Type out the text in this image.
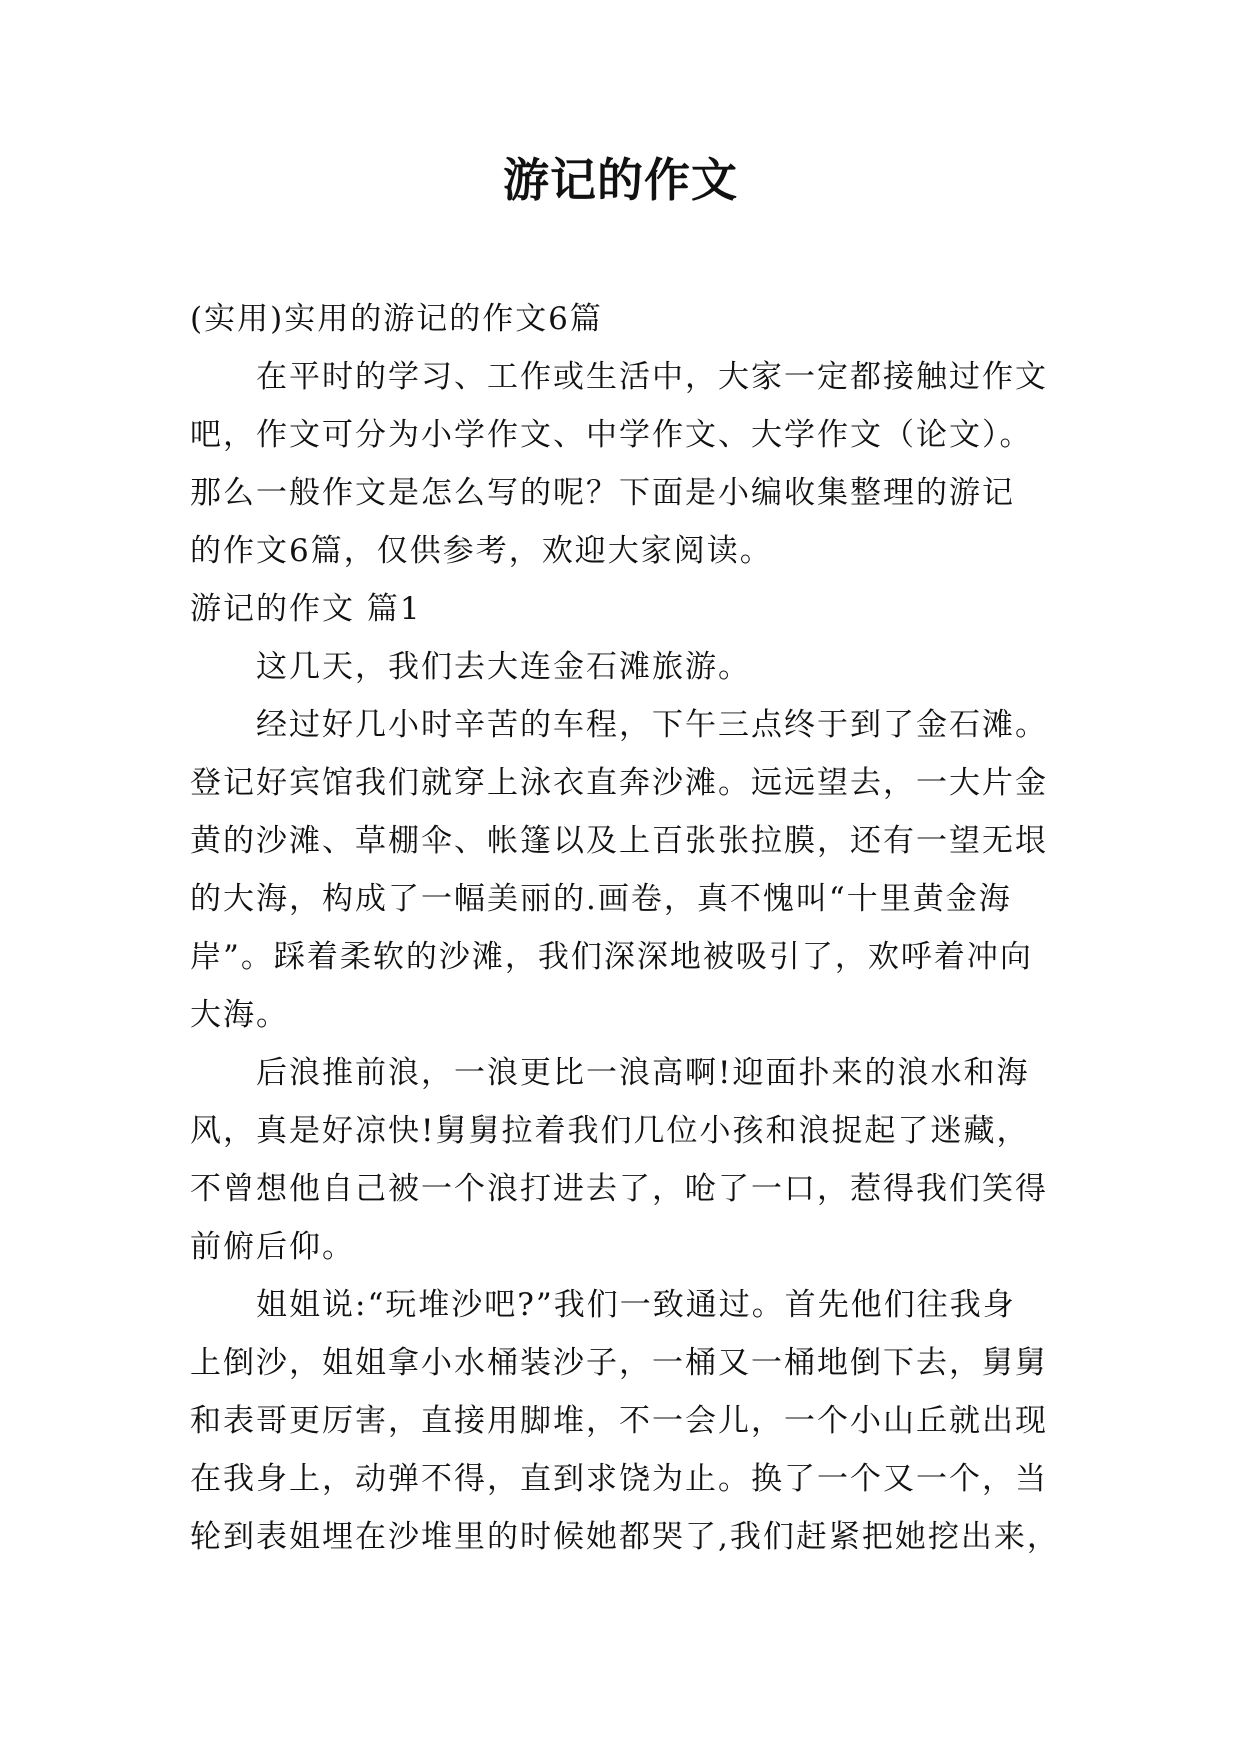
游记的作文
(实用)实用的游记的作文6篇
在平时的学习、工作或生活中，大家一定都接触过作文
吧，作文可分为小学作文、中学作文、大学作文（论文）。
那么一般作文是怎么写的呢？下面是小编收集整理的游记
的作文6篇，仅供参考，欢迎大家阅读。
游记的作文 篇1
这几天，我们去大连金石滩旅游。
经过好几小时辛苦的车程，下午三点终于到了金石滩。
登记好宾馆我们就穿上泳衣直奔沙滩。远远望去，一大片金
黄的沙滩、草棚伞、帐篷以及上百张张拉膜，还有一望无垠
的大海，构成了一幅美丽的.画卷，真不愧叫“十里黄金海
岸”。踩着柔软的沙滩，我们深深地被吸引了，欢呼着冲向
大海。
后浪推前浪，一浪更比一浪高啊!迎面扑来的浪水和海
风，真是好凉快!舅舅拉着我们几位小孩和浪捉起了迷藏，
不曾想他自己被一个浪打进去了，呛了一口，惹得我们笑得
前俯后仰。
姐姐说:“玩堆沙吧?”我们一致通过。首先他们往我身
上倒沙，姐姐拿小水桶装沙子，一桶又一桶地倒下去，舅舅
和表哥更厉害，直接用脚堆，不一会儿，一个小山丘就出现
在我身上，动弹不得，直到求饶为止。换了一个又一个，当
轮到表姐埋在沙堆里的时候她都哭了,我们赶紧把她挖出来，
